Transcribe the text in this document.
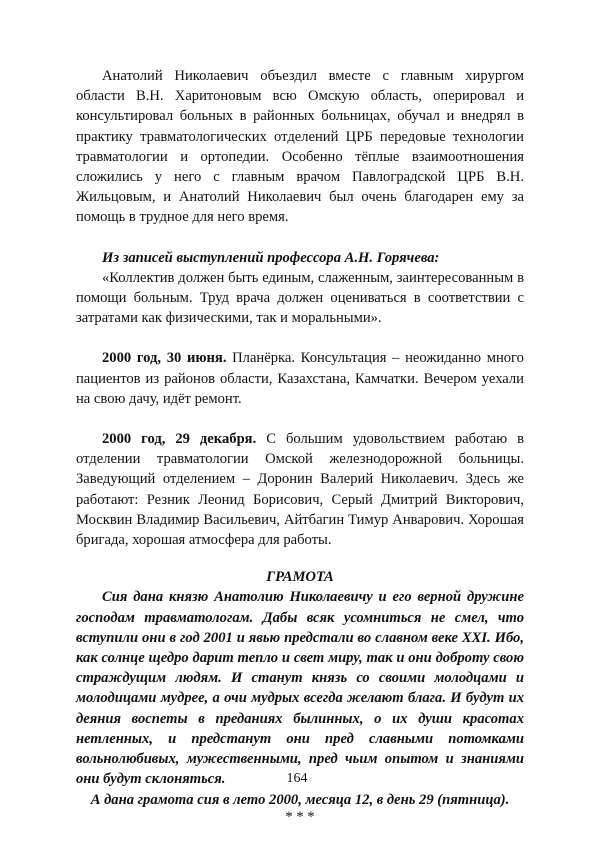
Анатолий Николаевич объездил вместе с главным хирургом области В.Н. Харитоновым всю Омскую область, оперировал и консультировал больных в районных больницах, обучал и внедрял в практику травматологических отделений ЦРБ передовые технологии травматологии и ортопедии. Особенно тёплые взаимоотношения сложились у него с главным врачом Павлоградской ЦРБ В.Н. Жильцовым, и Анатолий Николаевич был очень благодарен ему за помощь в трудное для него время.

Из записей выступлений профессора А.Н. Горячева:

«Коллектив должен быть единым, слаженным, заинтересованным в помощи больным. Труд врача должен оцениваться в соответствии с затратами как физическими, так и моральными».

2000 год, 30 июня. Планёрка. Консультация – неожиданно много пациентов из районов области, Казахстана, Камчатки. Вечером уехали на свою дачу, идёт ремонт.

2000 год, 29 декабря. С большим удовольствием работаю в отделении травматологии Омской железнодорожной больницы. Заведующий отделением – Доронин Валерий Николаевич. Здесь же работают: Резник Леонид Борисович, Серый Дмитрий Викторович, Москвин Владимир Васильевич, Айтбагин Тимур Анварович. Хорошая бригада, хорошая атмосфера для работы.

ГРАМОТА

Сия дана князю Анатолию Николаевичу и его верной дружине господам травматологам. Дабы всяк усомниться не смел, что вступили они в год 2001 и явью предстали во славном веке XXI. Ибо, как солнце щедро дарит тепло и свет миру, так и они доброту свою страждущим людям. И станут князь со своими молодцами и молодицами мудрее, а очи мудрых всегда желают блага. И будут их деяния воспеты в преданиях былинных, о их души красотах нетленных, и предстанут они пред славными потомками вольнолюбивых, мужественными, пред чьим опытом и знаниями они будут склоняться.

А дана грамота сия в лето 2000, месяца 12, в день 29 (пятница).

* * *

164
